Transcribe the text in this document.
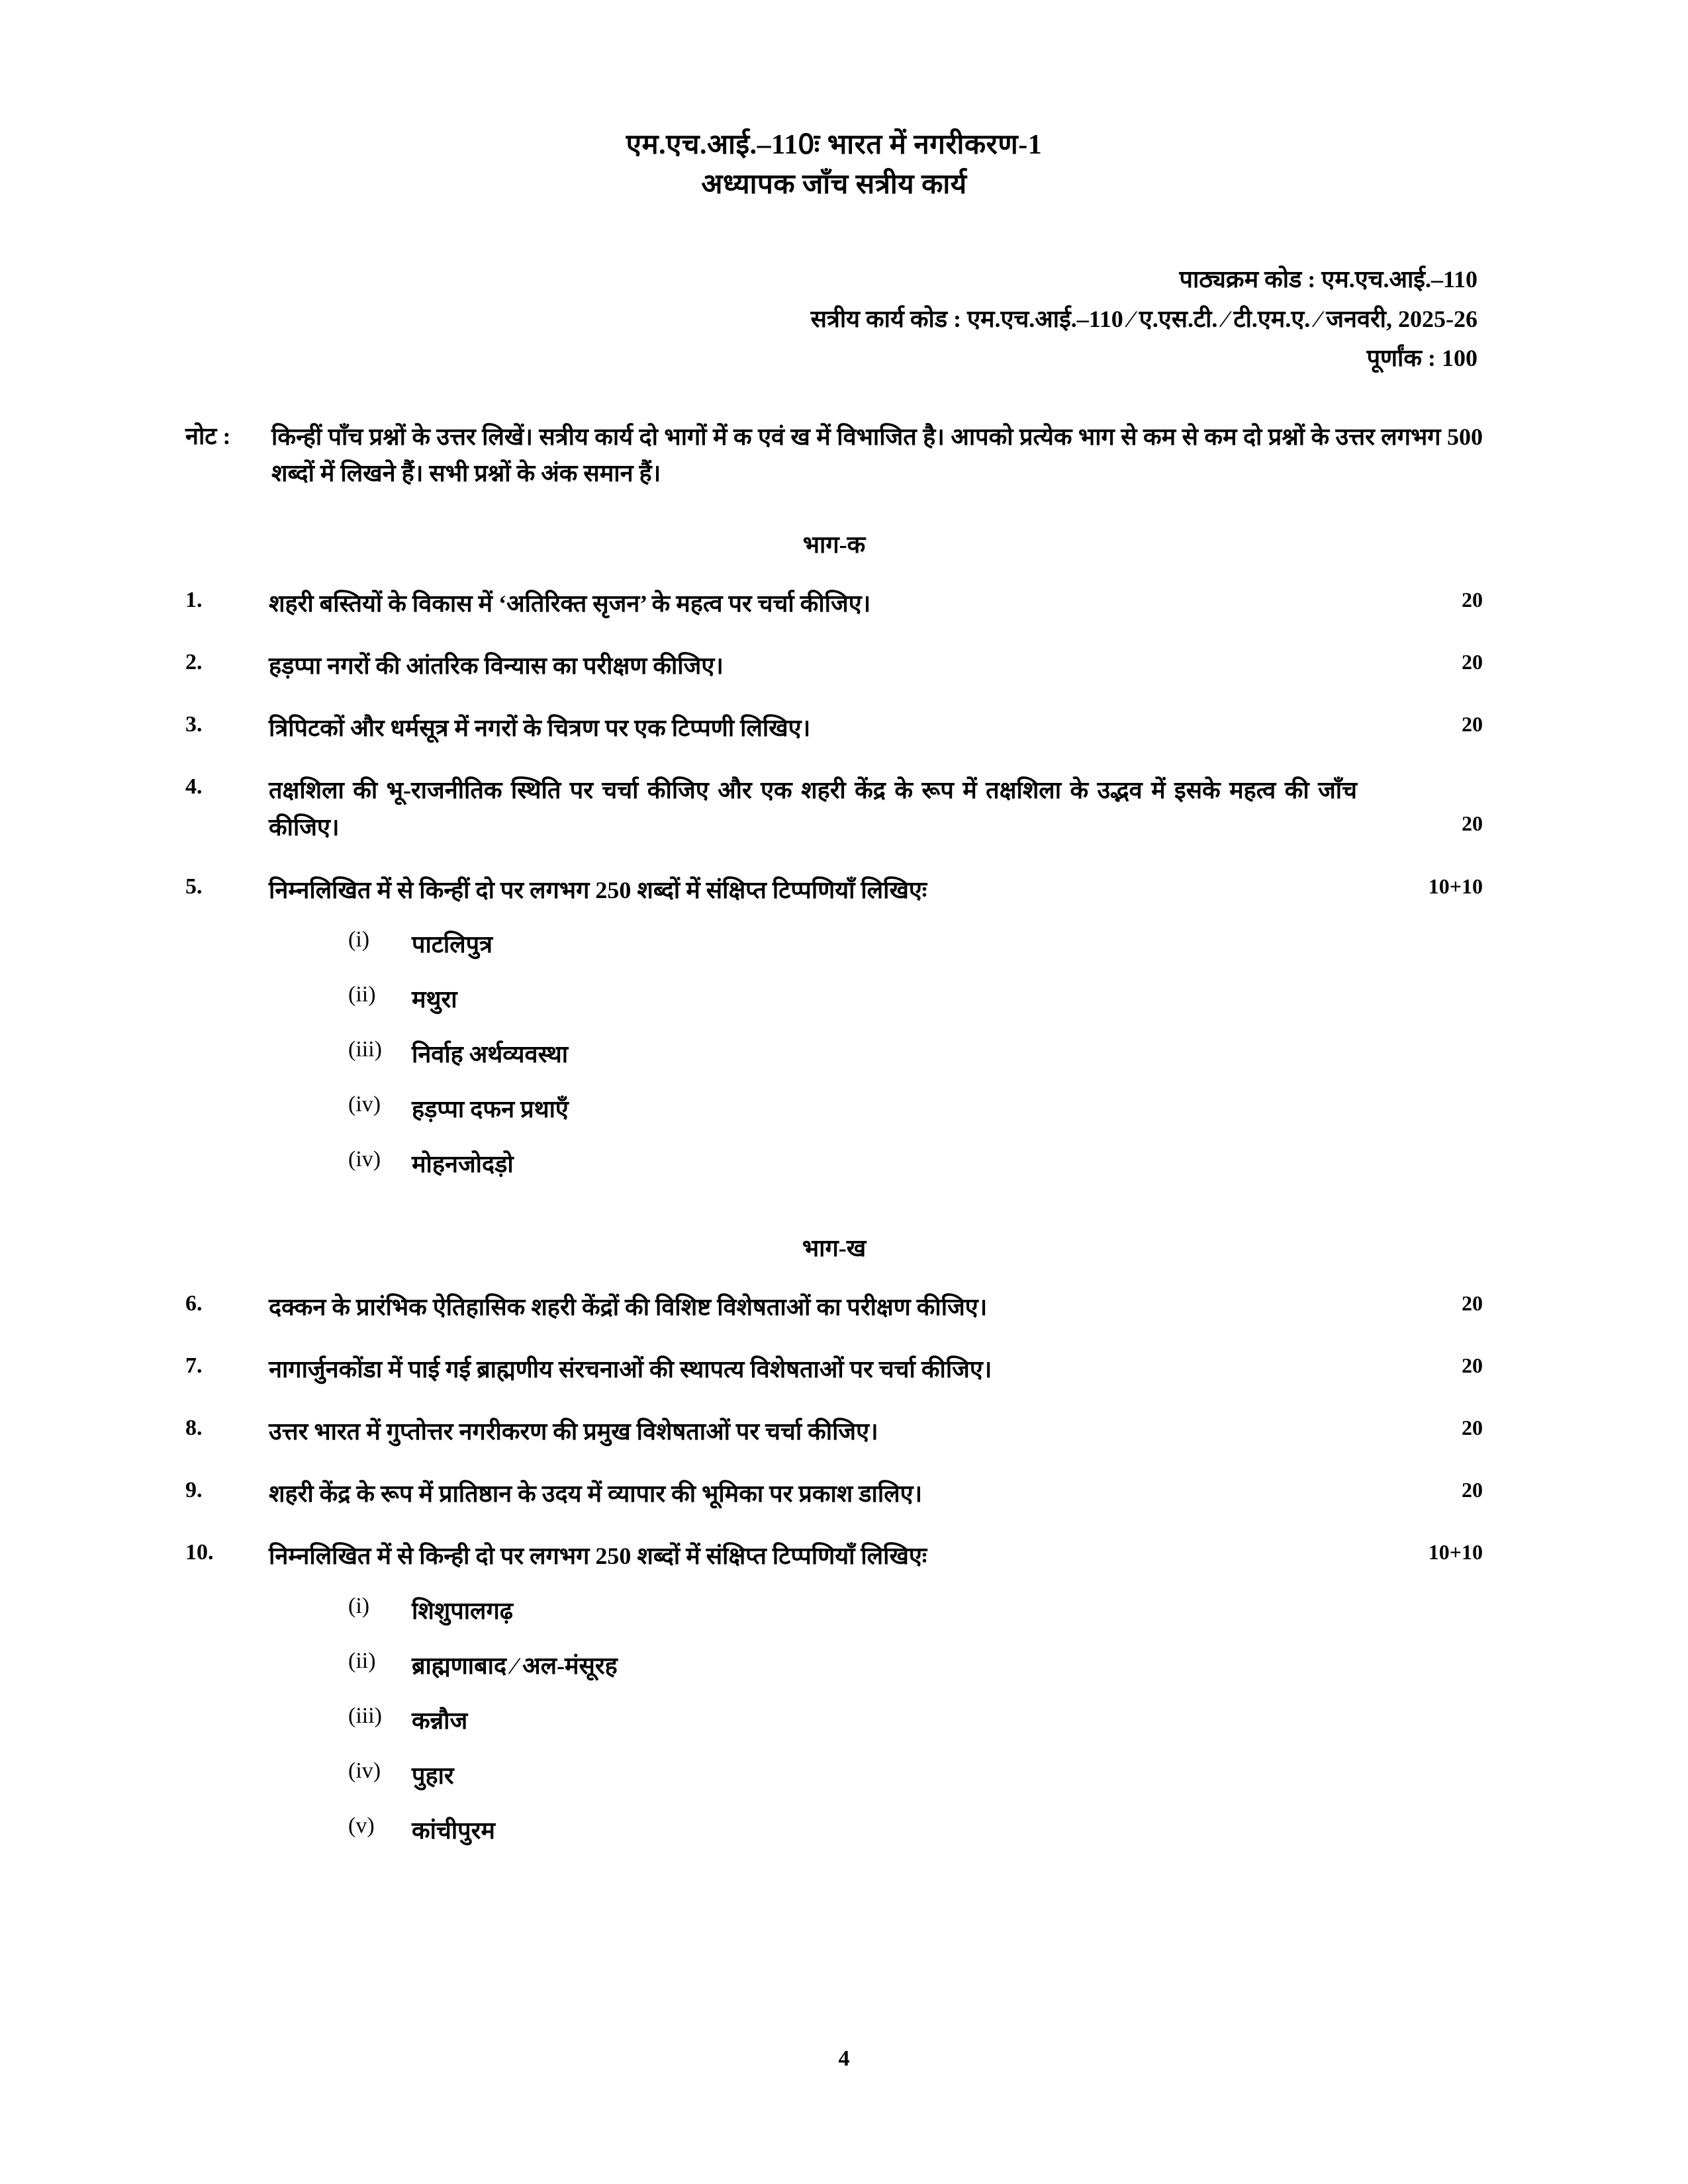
एम.एच.आई.–110ः भारत में नगरीकरण-1
अध्यापक जाँच सत्रीय कार्य
पाठ्यक्रम कोड : एम.एच.आई.–110
सत्रीय कार्य कोड : एम.एच.आई.–110 ⁄ ए.एस.टी. ⁄ टी.एम.ए. ⁄ जनवरी, 2025-26
पूर्णांक : 100
नोट :	किन्हीं पाँच प्रश्नों के उत्तर लिखें। सत्रीय कार्य दो भागों में क एवं ख में विभाजित है। आपको प्रत्येक भाग से कम से कम दो प्रश्नों के उत्तर लगभग 500 शब्दों में लिखने हैं। सभी प्रश्नों के अंक समान हैं।
भाग-क
1.	शहरी बस्तियों के विकास में ‘अतिरिक्त सृजन’ के महत्व पर चर्चा कीजिए।	20
2.	हड़प्पा नगरों की आंतरिक विन्यास का परीक्षण कीजिए।	20
3.	त्रिपिटकों और धर्मसूत्र में नगरों के चित्रण पर एक टिप्पणी लिखिए।	20
4.	तक्षशिला की भू-राजनीतिक स्थिति पर चर्चा कीजिए और एक शहरी केंद्र के रूप में तक्षशिला के उद्भव में इसके महत्व की जाँच कीजिए।	20
5.	निम्नलिखित में से किन्हीं दो पर लगभग 250 शब्दों में संक्षिप्त टिप्पणियाँ लिखिएः	10+10
(i)	पाटलिपुत्र
(ii)	मथुरा
(iii)	निर्वाह अर्थव्यवस्था
(iv)	हड़प्पा दफन प्रथाएँ
(iv)	मोहनजोदड़ो
भाग-ख
6.	दक्कन के प्रारंभिक ऐतिहासिक शहरी केंद्रों की विशिष्ट विशेषताओं का परीक्षण कीजिए।	20
7.	नागार्जुनकोंडा में पाई गई ब्राह्मणीय संरचनाओं की स्थापत्य विशेषताओं पर चर्चा कीजिए।	20
8.	उत्तर भारत में गुप्तोत्तर नगरीकरण की प्रमुख विशेषताओं पर चर्चा कीजिए।	20
9.	शहरी केंद्र के रूप में प्रातिष्ठान के उदय में व्यापार की भूमिका पर प्रकाश डालिए।	20
10.	निम्नलिखित में से किन्ही दो पर लगभग 250 शब्दों में संक्षिप्त टिप्पणियाँ लिखिएः	10+10
(i)	शिशुपालगढ़
(ii)	ब्राह्मणाबाद ⁄ अल-मंसूरह
(iii)	कन्नौज
(iv)	पुहार
(v)	कांचीपुरम
4
